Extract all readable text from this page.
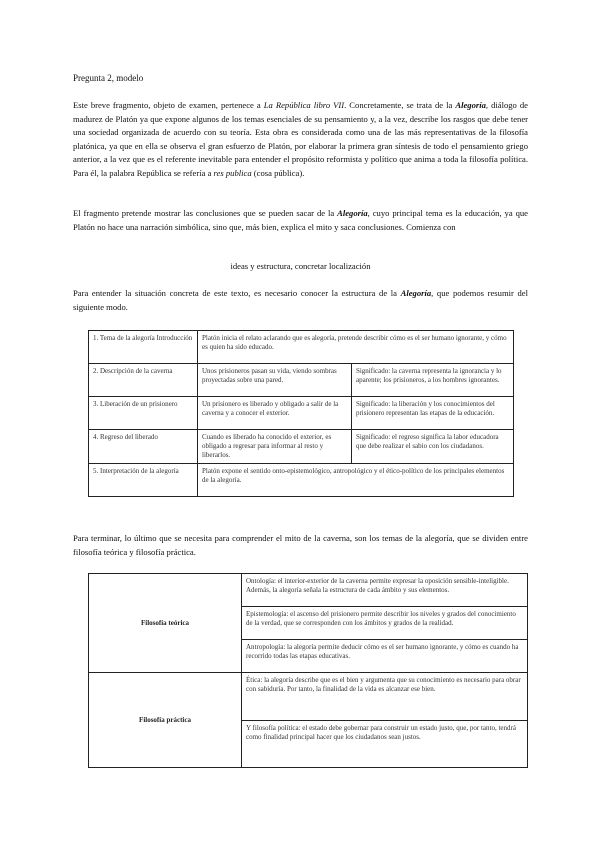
Pregunta 2, modelo

Este breve fragmento, objeto de examen, pertenece a La República libro VII. Concretamente, se trata de la Alegoría, diálogo de madurez de Platón ya que expone algunos de los temas esenciales de su pensamiento y, a la vez, describe los rasgos que debe tener una sociedad organizada de acuerdo con su teoría. Esta obra es considerada como una de las más representativas de la filosofía platónica, ya que en ella se observa el gran esfuerzo de Platón, por elaborar la primera gran síntesis de todo el pensamiento griego anterior, a la vez que es el referente inevitable para entender el propósito reformista y político que anima a toda la filosofía política. Para él, la palabra República se refería a res publica (cosa pública).

El fragmento pretende mostrar las conclusiones que se pueden sacar de la Alegoría, cuyo principal tema es la educación, ya que Platón no hace una narración simbólica, sino que, más bien, explica el mito y saca conclusiones. Comienza con

ideas y estructura, concretar localización

Para entender la situación concreta de este texto, es necesario conocer la estructura de la Alegoría, que podemos resumir del siguiente modo.

1. Tema de la alegoría Introducción	Platón inicia el relato aclarando que es alegoría, pretende describir cómo es el ser humano ignorante, y cómo es quien ha sido educado.	
2. Descripción de la caverna	Unos prisioneros pasan su vida, viendo sombras proyectadas sobre una pared.	Significado: la caverna representa la ignorancia y lo aparente; los prisioneros, a los hombres ignorantes.
3. Liberación de un prisionero	Un prisionero es liberado y obligado a salir de la caverna y a conocer el exterior.	Significado: la liberación y los conocimientos del prisionero representan las etapas de la educación.
4. Regreso del liberado	Cuando es liberado ha conocido el exterior, es obligado a regresar para informar al resto y liberarlos.	Significado: el regreso significa la labor educadora que debe realizar el sabio con los ciudadanos.
5. Interpretación de la alegoría	Platón expone el sentido onto-epistemológico, antropológico y el ético-político de los principales elementos de la alegoría.	

Para terminar, lo último que se necesita para comprender el mito de la caverna, son los temas de la alegoría, que se dividen entre filosofía teórica y filosofía práctica.

Filosofía teórica	Ontología: el interior-exterior de la caverna permite expresar la oposición sensible-inteligible. Además, la alegoría señala la estructura de cada ámbito y sus elementos.
	Epistemología: el ascenso del prisionero permite describir los niveles y grados del conocimiento de la verdad, que se corresponden con los ámbitos y grados de la realidad.
	Antropología: la alegoría permite deducir cómo es el ser humano ignorante, y cómo es cuando ha recorrido todas las etapas educativas.
Filosofía práctica	Ética: la alegoría describe que es el bien y argumenta que su conocimiento es necesario para obrar con sabiduría. Por tanto, la finalidad de la vida es alcanzar ese bien.
	Y filosofía política: el estado debe gobernar para construir un estado justo, que, por tanto, tendrá como finalidad principal hacer que los ciudadanos sean justos.
